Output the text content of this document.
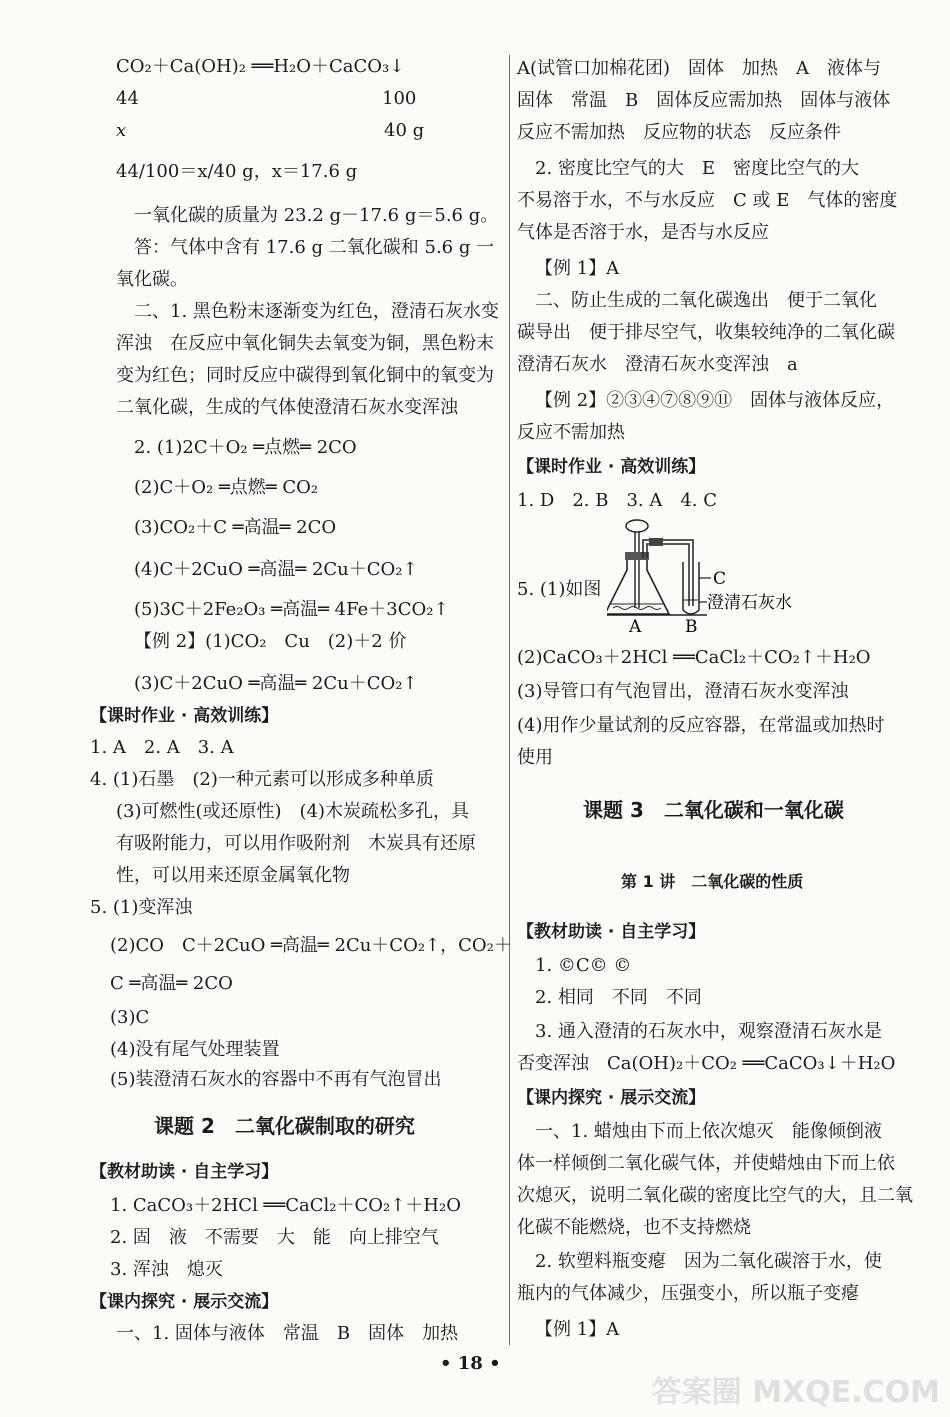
CO₂＋Ca(OH)₂ ══H₂O＋CaCO₃↓
44	100
x	40 g
44/100＝x/40 g，x＝17.6 g
一氧化碳的质量为 23.2 g－17.6 g＝5.6 g。
答：气体中含有 17.6 g 二氧化碳和 5.6 g 一
氧化碳。
二、1. 黑色粉末逐渐变为红色，澄清石灰水变
浑浊　在反应中氧化铜失去氧变为铜，黑色粉末
变为红色；同时反应中碳得到氧化铜中的氧变为
二氧化碳，生成的气体使澄清石灰水变浑浊
2. (1)2C＋O₂ ═点燃═ 2CO
(2)C＋O₂ ═点燃═ CO₂
(3)CO₂＋C ═高温═ 2CO
(4)C＋2CuO ═高温═ 2Cu＋CO₂↑
(5)3C＋2Fe₂O₃ ═高温═ 4Fe＋3CO₂↑
【例 2】(1)CO₂　Cu　(2)＋2 价
(3)C＋2CuO ═高温═ 2Cu＋CO₂↑
【课时作业 · 高效训练】
1. A　2. A　3. A
4. (1)石墨　(2)一种元素可以形成多种单质
(3)可燃性(或还原性)　(4)木炭疏松多孔，具
有吸附能力，可以用作吸附剂　木炭具有还原
性，可以用来还原金属氧化物
5. (1)变浑浊
(2)CO　C＋2CuO ═高温═ 2Cu＋CO₂↑，CO₂＋
C ═高温═ 2CO
(3)C
(4)没有尾气处理装置
(5)装澄清石灰水的容器中不再有气泡冒出
课题 2　二氧化碳制取的研究
【教材助读 · 自主学习】
1. CaCO₃＋2HCl ══CaCl₂＋CO₂↑＋H₂O
2. 固　液　不需要　大　能　向上排空气
3. 浑浊　熄灭
【课内探究 · 展示交流】
一、1. 固体与液体　常温　B　固体　加热
A(试管口加棉花团)　固体　加热　A　液体与
固体　常温　B　固体反应需加热　固体与液体
反应不需加热　反应物的状态　反应条件
2. 密度比空气的大　E　密度比空气的大
不易溶于水，不与水反应　C 或 E　气体的密度
气体是否溶于水，是否与水反应
【例 1】A
二、防止生成的二氧化碳逸出　便于二氧化
碳导出　便于排尽空气，收集较纯净的二氧化碳
澄清石灰水　澄清石灰水变浑浊　a
【例 2】②③④⑦⑧⑨⑪　固体与液体反应，
反应不需加热
【课时作业 · 高效训练】
1. D　2. B　3. A　4. C
5. (1)如图	C
澄清石灰水
A	B
(2)CaCO₃＋2HCl ══CaCl₂＋CO₂↑＋H₂O
(3)导管口有气泡冒出，澄清石灰水变浑浊
(4)用作少量试剂的反应容器，在常温或加热时
使用
课题 3　二氧化碳和一氧化碳
第 1 讲　二氧化碳的性质
【教材助读 · 自主学习】
1. ©C© ©
2. 相同　不同　不同
3. 通入澄清的石灰水中，观察澄清石灰水是
否变浑浊　Ca(OH)₂＋CO₂ ══CaCO₃↓＋H₂O
【课内探究 · 展示交流】
一、1. 蜡烛由下而上依次熄灭　能像倾倒液
体一样倾倒二氧化碳气体，并使蜡烛由下而上依
次熄灭，说明二氧化碳的密度比空气的大，且二氧
化碳不能燃烧，也不支持燃烧
2. 软塑料瓶变瘪　因为二氧化碳溶于水，使
瓶内的气体减少，压强变小，所以瓶子变瘪
【例 1】A
• 18 •
答案圈 MXQE.COM
